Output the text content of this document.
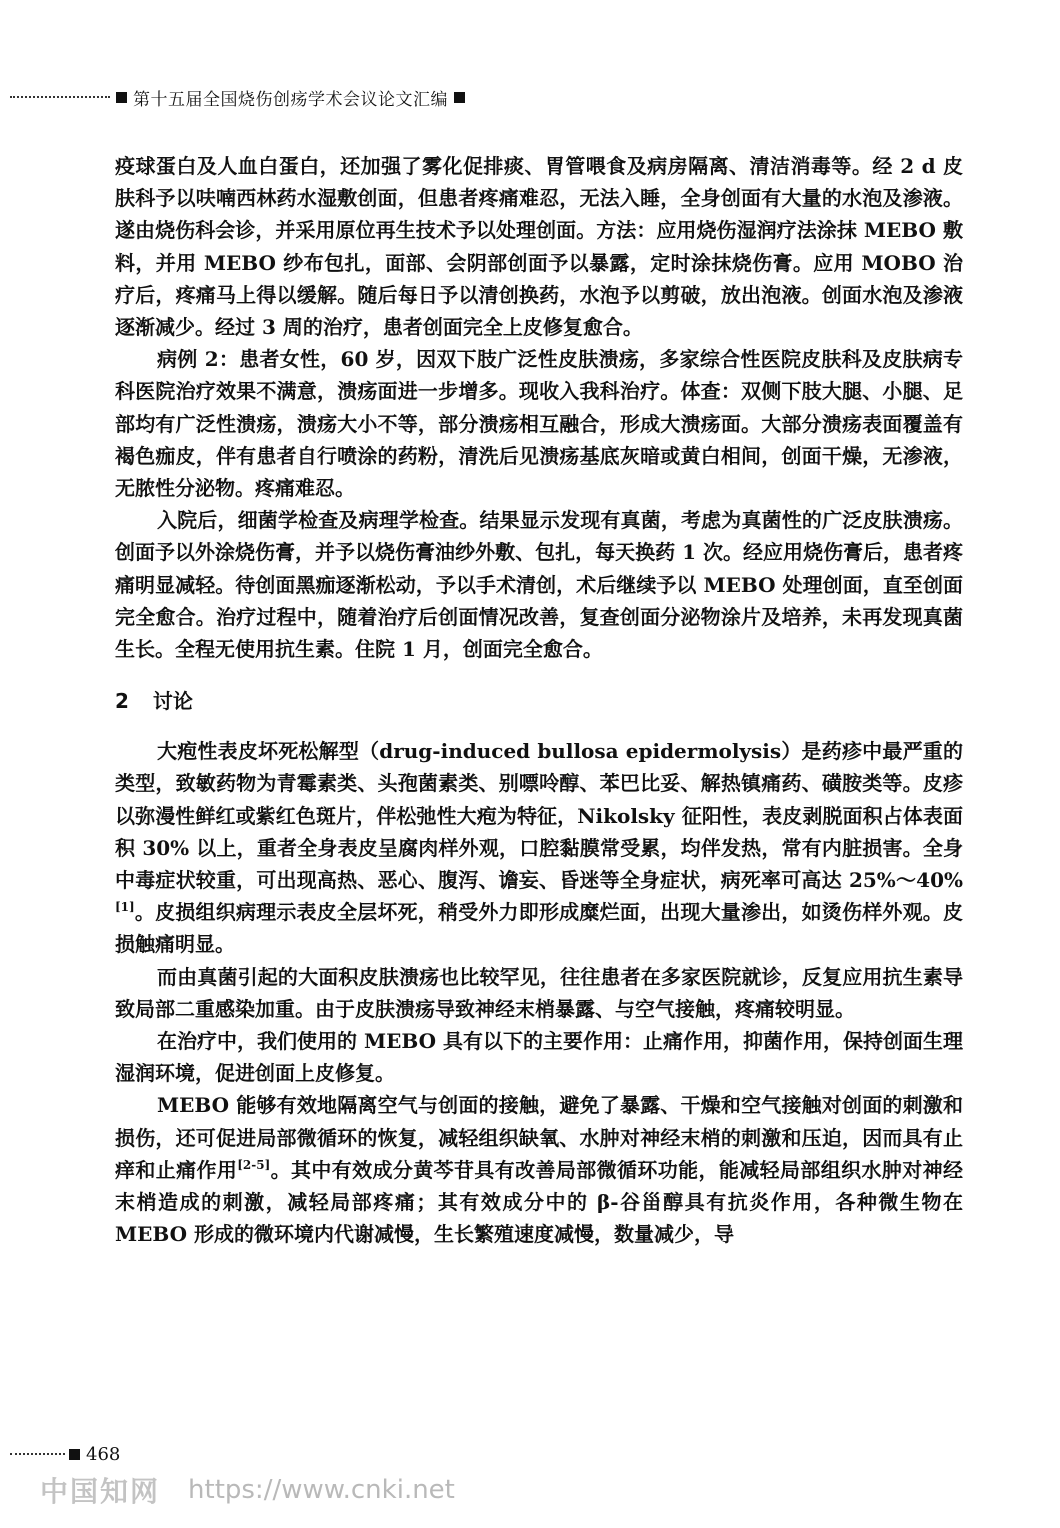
第十五届全国烧伤创疡学术会议论文汇编

疫球蛋白及人血白蛋白，还加强了雾化促排痰、胃管喂食及病房隔离、清洁消毒等。经 2 d 皮肤科予以呋喃西林药水湿敷创面，但患者疼痛难忍，无法入睡，全身创面有大量的水泡及渗液。遂由烧伤科会诊，并采用原位再生技术予以处理创面。方法：应用烧伤湿润疗法涂抹 MEBO 敷料，并用 MEBO 纱布包扎，面部、会阴部创面予以暴露，定时涂抹烧伤膏。应用 MOBO 治疗后，疼痛马上得以缓解。随后每日予以清创换药，水泡予以剪破，放出泡液。创面水泡及渗液逐渐减少。经过 3 周的治疗，患者创面完全上皮修复愈合。

病例 2：患者女性，60 岁，因双下肢广泛性皮肤溃疡，多家综合性医院皮肤科及皮肤病专科医院治疗效果不满意，溃疡面进一步增多。现收入我科治疗。体查：双侧下肢大腿、小腿、足部均有广泛性溃疡，溃疡大小不等，部分溃疡相互融合，形成大溃疡面。大部分溃疡表面覆盖有褐色痂皮，伴有患者自行喷涂的药粉，清洗后见溃疡基底灰暗或黄白相间，创面干燥，无渗液，无脓性分泌物。疼痛难忍。

入院后，细菌学检查及病理学检查。结果显示发现有真菌，考虑为真菌性的广泛皮肤溃疡。创面予以外涂烧伤膏，并予以烧伤膏油纱外敷、包扎，每天换药 1 次。经应用烧伤膏后，患者疼痛明显减轻。待创面黑痂逐渐松动，予以手术清创，术后继续予以 MEBO 处理创面，直至创面完全愈合。治疗过程中，随着治疗后创面情况改善，复查创面分泌物涂片及培养，未再发现真菌生长。全程无使用抗生素。住院 1 月，创面完全愈合。

2 讨论

大疱性表皮坏死松解型（drug-induced bullosa epidermolysis）是药疹中最严重的类型，致敏药物为青霉素类、头孢菌素类、别嘌呤醇、苯巴比妥、解热镇痛药、磺胺类等。皮疹以弥漫性鲜红或紫红色斑片，伴松弛性大疱为特征，Nikolsky 征阳性，表皮剥脱面积占体表面积 30% 以上，重者全身表皮呈腐肉样外观，口腔黏膜常受累，均伴发热，常有内脏损害。全身中毒症状较重，可出现高热、恶心、腹泻、谵妄、昏迷等全身症状，病死率可高达 25%～40%[1]。皮损组织病理示表皮全层坏死，稍受外力即形成糜烂面，出现大量渗出，如烫伤样外观。皮损触痛明显。

而由真菌引起的大面积皮肤溃疡也比较罕见，往往患者在多家医院就诊，反复应用抗生素导致局部二重感染加重。由于皮肤溃疡导致神经末梢暴露、与空气接触，疼痛较明显。

在治疗中，我们使用的 MEBO 具有以下的主要作用：止痛作用，抑菌作用，保持创面生理湿润环境，促进创面上皮修复。

MEBO 能够有效地隔离空气与创面的接触，避免了暴露、干燥和空气接触对创面的刺激和损伤，还可促进局部微循环的恢复，减轻组织缺氧、水肿对神经末梢的刺激和压迫，因而具有止痒和止痛作用[2-5]。其中有效成分黄芩苷具有改善局部微循环功能，能减轻局部组织水肿对神经末梢造成的刺激，减轻局部疼痛；其有效成分中的 β-谷甾醇具有抗炎作用，各种微生物在 MEBO 形成的微环境内代谢减慢，生长繁殖速度减慢，数量减少，导

468
中国知网 https://www.cnki.net
